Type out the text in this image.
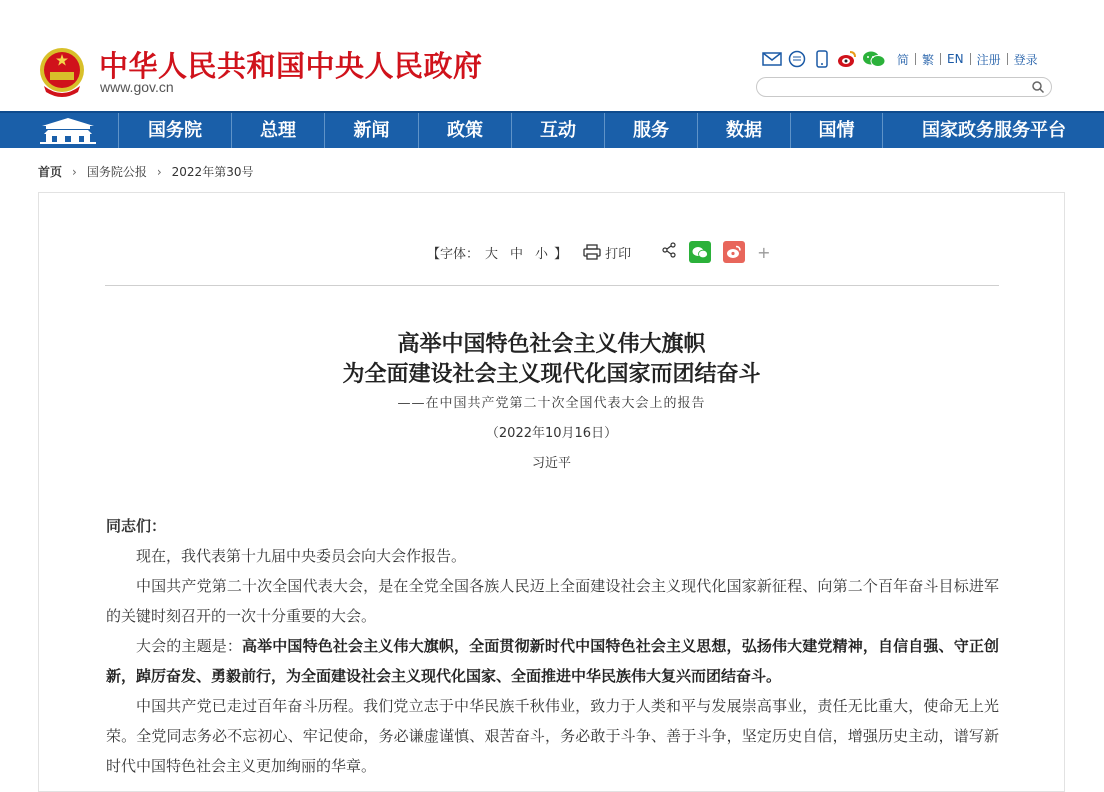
中华人民共和国中央人民政府
www.gov.cn
简	繁	EN	注册	登录
国务院	总理	新闻	政策	互动	服务	数据	国情	国家政务服务平台
首页 › 国务院公报 › 2022年第30号
【字体： 大 中 小 】	打印	+
高举中国特色社会主义伟大旗帜
为全面建设社会主义现代化国家而团结奋斗
——在中国共产党第二十次全国代表大会上的报告
（2022年10月16日）
习近平

同志们：

现在，我代表第十九届中央委员会向大会作报告。

中国共产党第二十次全国代表大会，是在全党全国各族人民迈上全面建设社会主义现代化国家新征程、向第二个百年奋斗目标进军的关键时刻召开的一次十分重要的大会。

大会的主题是：高举中国特色社会主义伟大旗帜，全面贯彻新时代中国特色社会主义思想，弘扬伟大建党精神，自信自强、守正创新，踔厉奋发、勇毅前行，为全面建设社会主义现代化国家、全面推进中华民族伟大复兴而团结奋斗。

中国共产党已走过百年奋斗历程。我们党立志于中华民族千秋伟业，致力于人类和平与发展崇高事业，责任无比重大，使命无上光荣。全党同志务必不忘初心、牢记使命，务必谦虚谨慎、艰苦奋斗，务必敢于斗争、善于斗争，坚定历史自信，增强历史主动，谱写新时代中国特色社会主义更加绚丽的华章。
